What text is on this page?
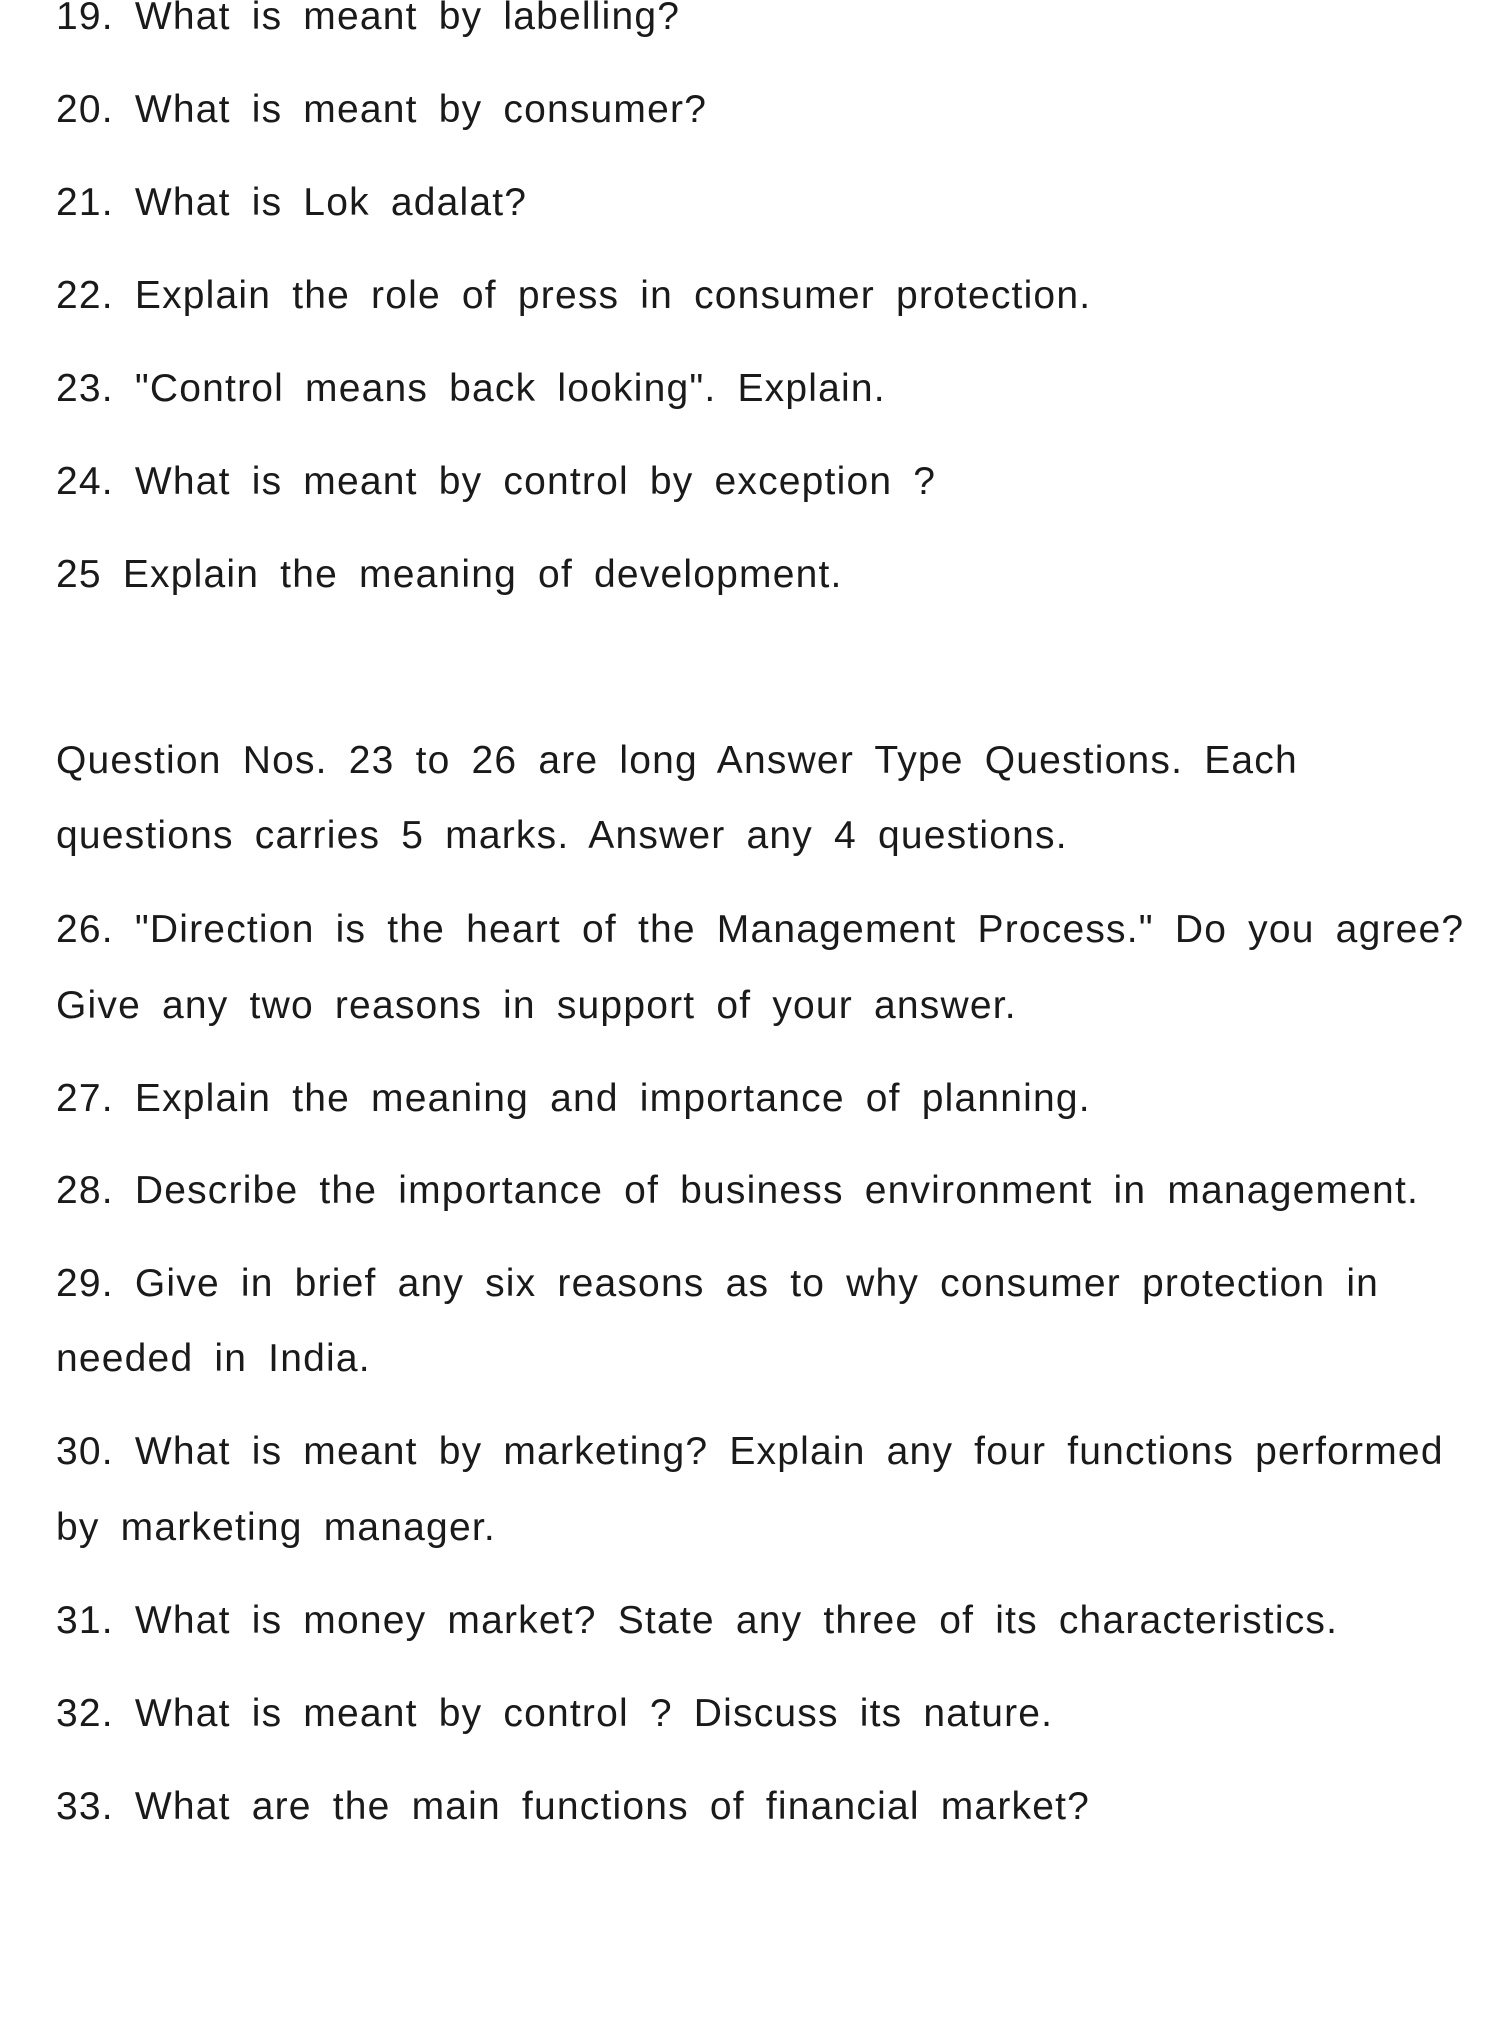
19. What is meant by labelling?

20. What is meant by consumer?

21. What is Lok adalat?

22. Explain the role of press in consumer protection.

23. "Control means back looking". Explain.

24. What is meant by control by exception ?

25 Explain the meaning of development.

Question Nos. 23 to 26 are long Answer Type Questions. Each

questions carries 5 marks. Answer any 4 questions.

26. "Direction is the heart of the Management Process." Do you agree?

Give any two reasons in support of your answer.

27. Explain the meaning and importance of planning.

28. Describe the importance of business environment in management.

29. Give in brief any six reasons as to why consumer protection in

needed in India.

30. What is meant by marketing? Explain any four functions performed

by marketing manager.

31. What is money market? State any three of its characteristics.

32. What is meant by control ? Discuss its nature.

33. What are the main functions of financial market?
